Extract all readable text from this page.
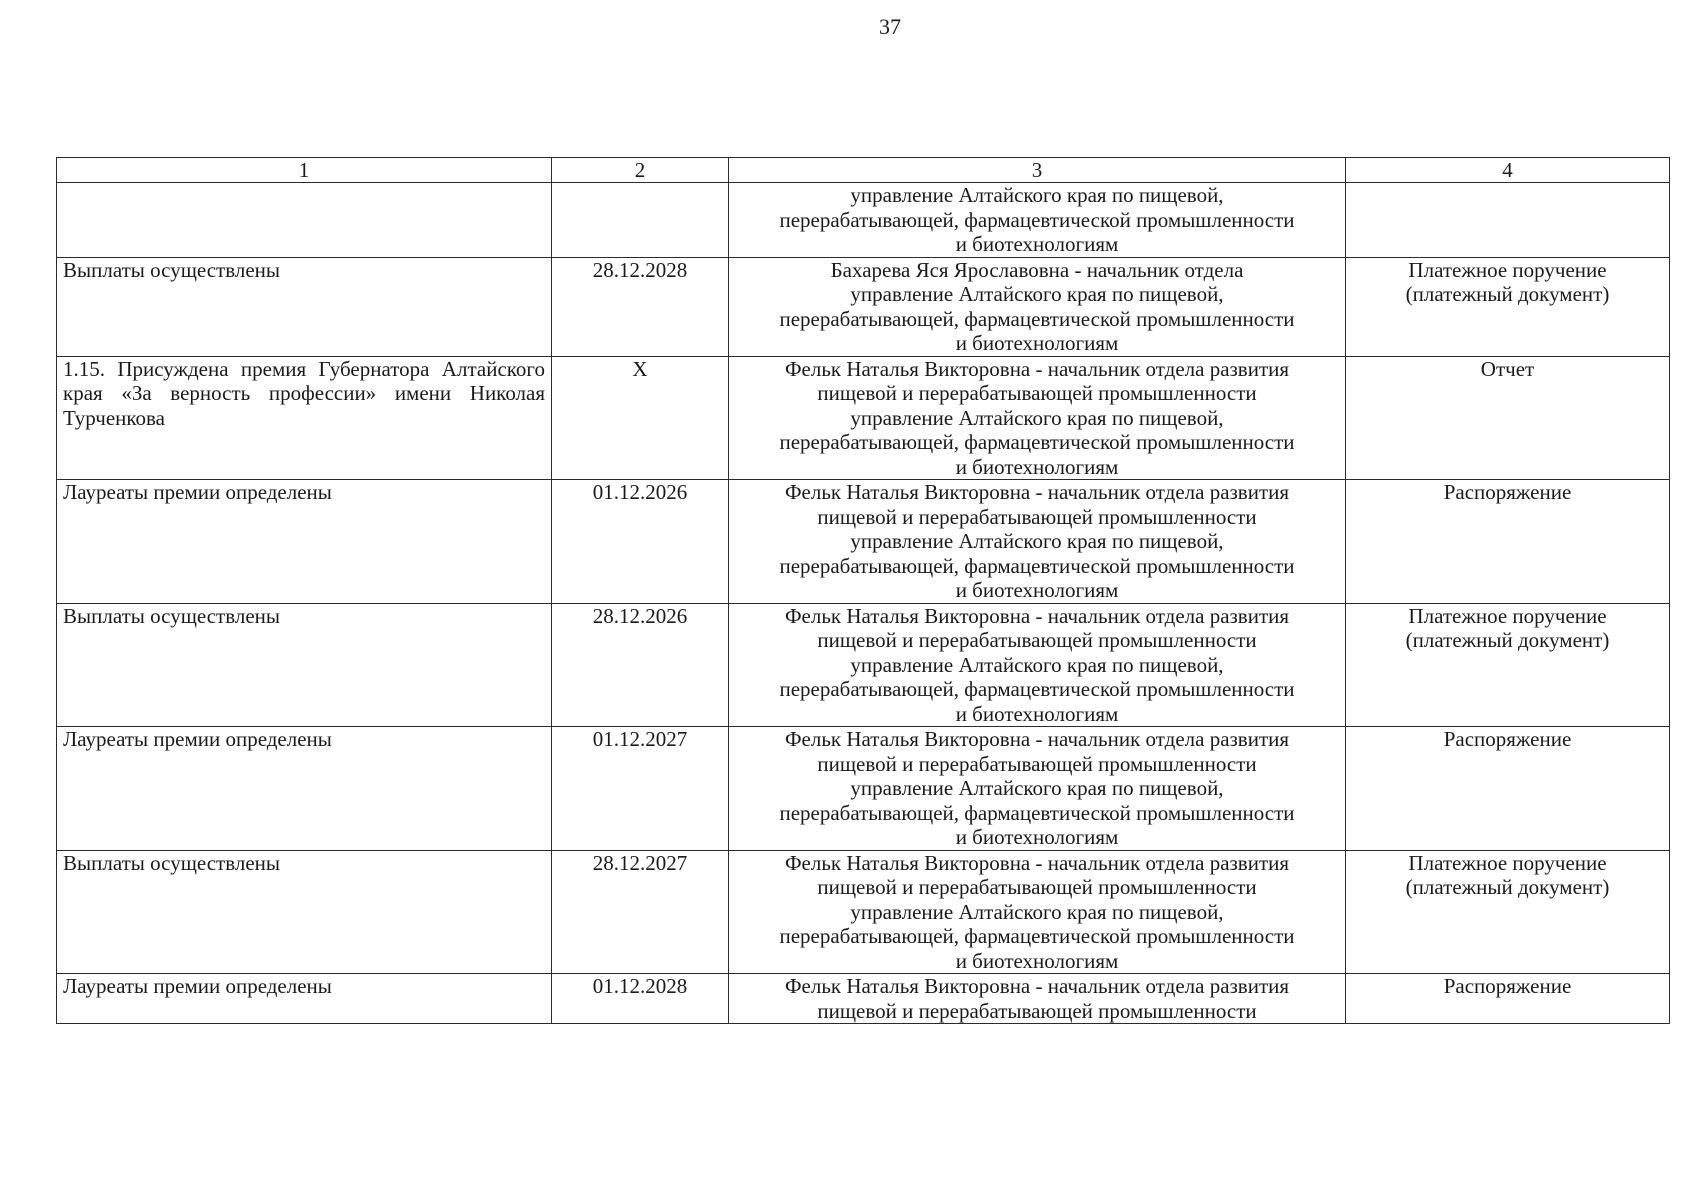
37
1	2	3	4

		управление Алтайского края по пищевой,
перерабатывающей, фармацевтической промышленности
и биотехнологиям	

Выплаты осуществлены	28.12.2028	Бахарева Яся Ярославовна - начальник отдела
управление Алтайского края по пищевой,
перерабатывающей, фармацевтической промышленности
и биотехнологиям	Платежное поручение
(платежный документ)

1.15. Присуждена премия Губернатора Алтайского края «За верность профессии» имени Николая Турченкова	Х	Фельк Наталья Викторовна - начальник отдела развития
пищевой и перерабатывающей промышленности
управление Алтайского края по пищевой,
перерабатывающей, фармацевтической промышленности
и биотехнологиям	Отчет

Лауреаты премии определены	01.12.2026	Фельк Наталья Викторовна - начальник отдела развития
пищевой и перерабатывающей промышленности
управление Алтайского края по пищевой,
перерабатывающей, фармацевтической промышленности
и биотехнологиям	Распоряжение

Выплаты осуществлены	28.12.2026	Фельк Наталья Викторовна - начальник отдела развития
пищевой и перерабатывающей промышленности
управление Алтайского края по пищевой,
перерабатывающей, фармацевтической промышленности
и биотехнологиям	Платежное поручение
(платежный документ)

Лауреаты премии определены	01.12.2027	Фельк Наталья Викторовна - начальник отдела развития
пищевой и перерабатывающей промышленности
управление Алтайского края по пищевой,
перерабатывающей, фармацевтической промышленности
и биотехнологиям	Распоряжение

Выплаты осуществлены	28.12.2027	Фельк Наталья Викторовна - начальник отдела развития
пищевой и перерабатывающей промышленности
управление Алтайского края по пищевой,
перерабатывающей, фармацевтической промышленности
и биотехнологиям	Платежное поручение
(платежный документ)

Лауреаты премии определены	01.12.2028	Фельк Наталья Викторовна - начальник отдела развития
пищевой и перерабатывающей промышленности	Распоряжение
